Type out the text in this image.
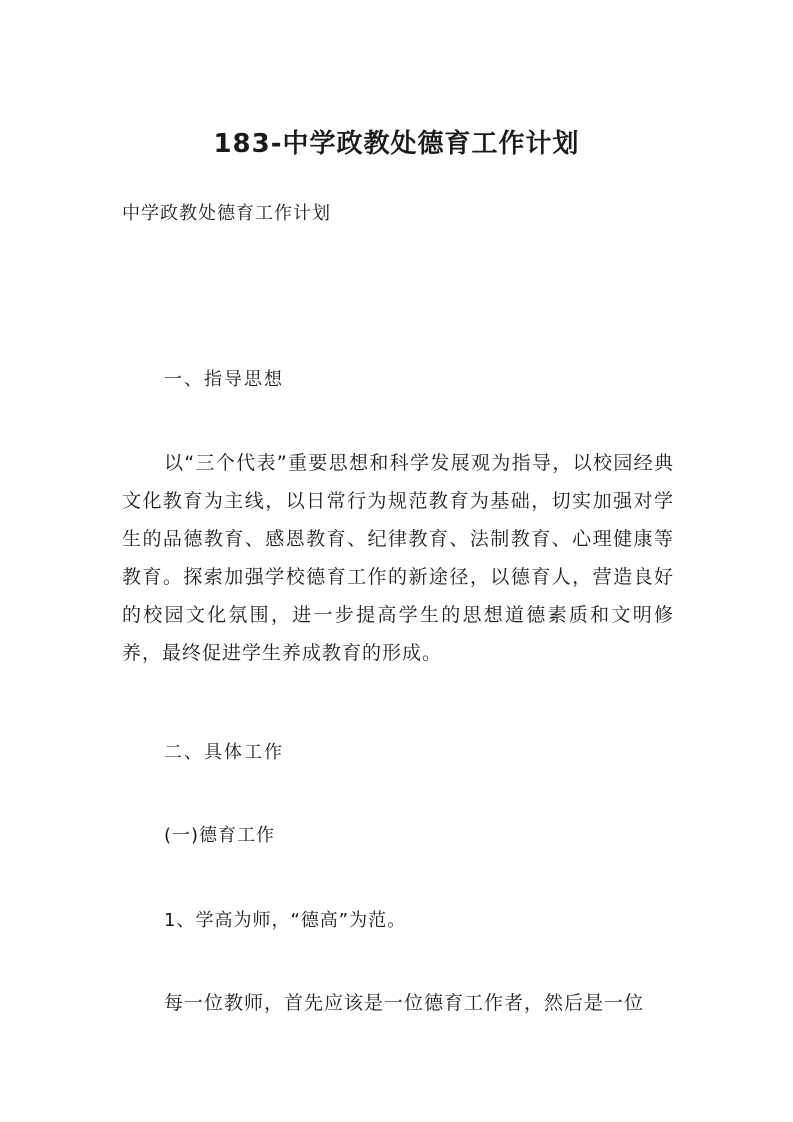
183-中学政教处德育工作计划
中学政教处德育工作计划
一、指导思想
以“三个代表”重要思想和科学发展观为指导，以校园经典文化教育为主线，以日常行为规范教育为基础，切实加强对学生的品德教育、感恩教育、纪律教育、法制教育、心理健康等教育。探索加强学校德育工作的新途径，以德育人，营造良好的校园文化氛围，进一步提高学生的思想道德素质和文明修养，最终促进学生养成教育的形成。
二、具体工作
(一)德育工作
1、学高为师，“德高”为范。
每一位教师，首先应该是一位德育工作者，然后是一位
